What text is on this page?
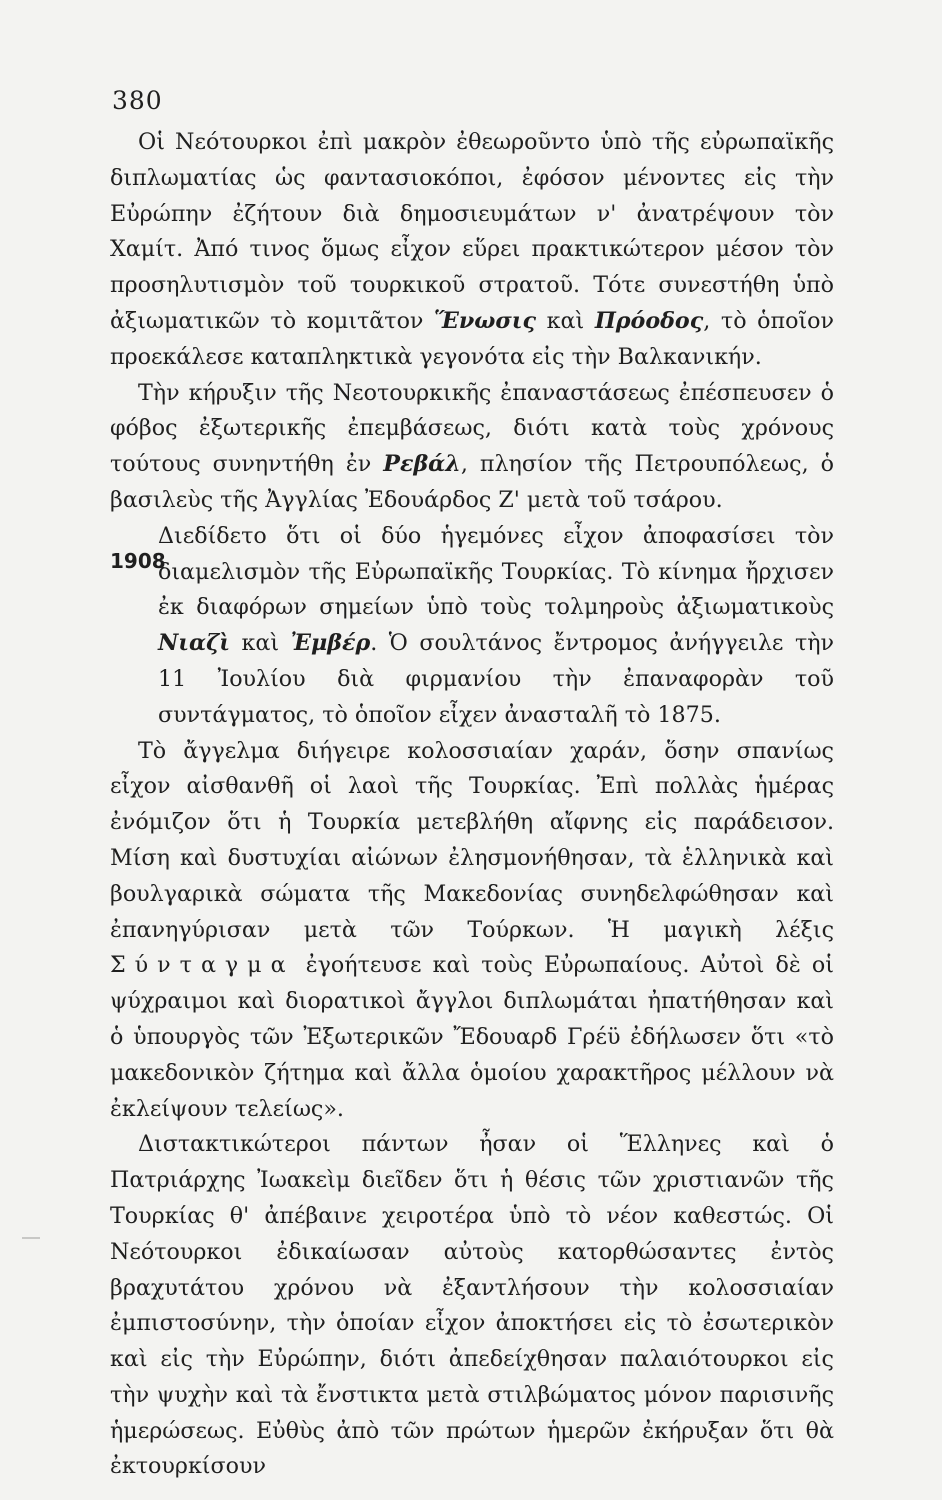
380

Οἱ Νεότουρκοι ἐπὶ μακρὸν ἐθεωροῦντο ὑπὸ τῆς εὐρωπαϊκῆς διπλωματίας ὡς φαντασιοκόποι, ἐφόσον μένοντες εἰς τὴν Εὐρώπην ἐζήτουν διὰ δημοσιευμάτων ν' ἀνατρέψουν τὸν Χαμίτ. Ἀπό τινος ὅμως εἶχον εὕρει πρακτικώτερον μέσον τὸν προσηλυτισμὸν τοῦ τουρκικοῦ στρατοῦ. Τότε συνεστήθη ὑπὸ ἀξιωματικῶν τὸ κομιτᾶτον Ἕνωσις καὶ Πρόοδος, τὸ ὁποῖον προεκάλεσε καταπληκτικὰ γεγονότα εἰς τὴν Βαλκανικήν.

Τὴν κήρυξιν τῆς Νεοτουρκικῆς ἐπαναστάσεως ἐπέσπευσεν ὁ φόβος ἐξωτερικῆς ἐπεμβάσεως, διότι κατὰ τοὺς χρόνους τούτους συνηντήθη ἐν Ρεβάλ, πλησίον τῆς Πετρουπόλεως, ὁ βασιλεὺς τῆς Ἀγγλίας Ἐδουάρδος Ζ' μετὰ τοῦ τσάρου.

1908

Διεδίδετο ὅτι οἱ δύο ἡγεμόνες εἶχον ἀποφασίσει τὸν διαμελισμὸν τῆς Εὐρωπαϊκῆς Τουρκίας. Τὸ κίνημα ἤρχισεν ἐκ διαφόρων σημείων ὑπὸ τοὺς τολμηροὺς ἀξιωματικοὺς Νιαζὶ καὶ Ἐμβέρ. Ὁ σουλτάνος ἔντρομος ἀνήγγειλε τὴν 11 Ἰουλίου διὰ φιρμανίου τὴν ἐπαναφορὰν τοῦ συντάγματος, τὸ ὁποῖον εἶχεν ἀνασταλῆ τὸ 1875.

Τὸ ἄγγελμα διήγειρε κολοσσιαίαν χαράν, ὅσην σπανίως εἶχον αἰσθανθῆ οἱ λαοὶ τῆς Τουρκίας. Ἐπὶ πολλὰς ἡμέρας ἐνόμιζον ὅτι ἡ Τουρκία μετεβλήθη αἴφνης εἰς παράδεισον. Μίση καὶ δυστυχίαι αἰώνων ἐλησμονήθησαν, τὰ ἑλληνικὰ καὶ βουλγαρικὰ σώματα τῆς Μακεδονίας συνηδελφώθησαν καὶ ἐπανηγύρισαν μετὰ τῶν Τούρκων. Ἡ μαγικὴ λέξις Σύνταγμα ἐγοήτευσε καὶ τοὺς Εὐρωπαίους. Αὐτοὶ δὲ οἱ ψύχραιμοι καὶ διορατικοὶ ἄγγλοι διπλωμάται ἠπατήθησαν καὶ ὁ ὑπουργὸς τῶν Ἐξωτερικῶν Ἔδουαρδ Γρέϋ ἐδήλωσεν ὅτι «τὸ μακεδονικὸν ζήτημα καὶ ἄλλα ὁμοίου χαρακτῆρος μέλλουν νὰ ἐκλείψουν τελείως».

Διστακτικώτεροι πάντων ἦσαν οἱ Ἕλληνες καὶ ὁ Πατριάρχης Ἰωακεὶμ διεῖδεν ὅτι ἡ θέσις τῶν χριστιανῶν τῆς Τουρκίας θ' ἀπέβαινε χειροτέρα ὑπὸ τὸ νέον καθεστώς. Οἱ Νεότουρκοι ἐδικαίωσαν αὐτοὺς κατορθώσαντες ἐντὸς βραχυτάτου χρόνου νὰ ἐξαντλήσουν τὴν κολοσσιαίαν ἐμπιστοσύνην, τὴν ὁποίαν εἶχον ἀποκτήσει εἰς τὸ ἐσωτερικὸν καὶ εἰς τὴν Εὐρώπην, διότι ἀπεδείχθησαν παλαιότουρκοι εἰς τὴν ψυχὴν καὶ τὰ ἔνστικτα μετὰ στιλβώματος μόνον παρισινῆς ἡμερώσεως. Εὐθὺς ἀπὸ τῶν πρώτων ἡμερῶν ἐκήρυξαν ὅτι θὰ ἐκτουρκίσουν
